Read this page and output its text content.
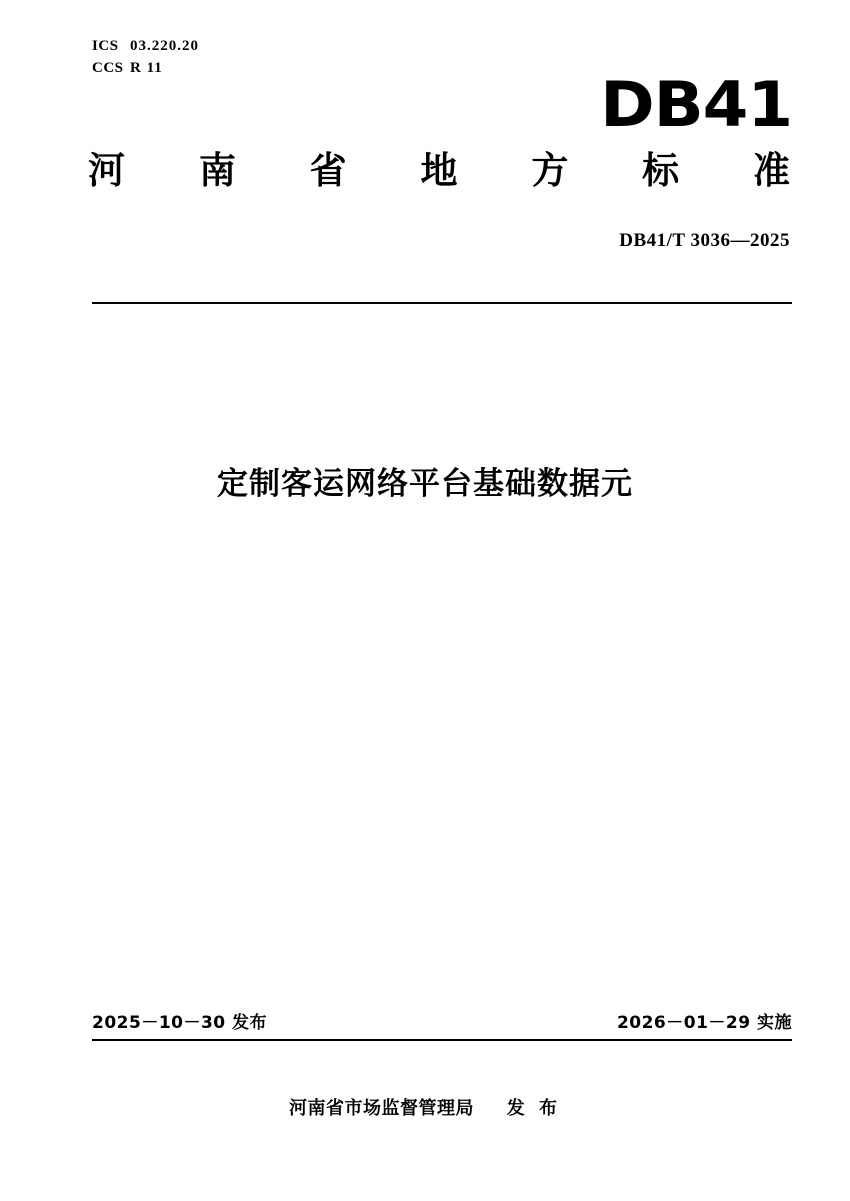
ICS 03.220.20
CCS R 11
DB41
河 南 省 地 方 标 准
DB41/T 3036—2025
定制客运网络平台基础数据元
2025－10－30 发布	2026－01－29 实施
河南省市场监督管理局 发 布
